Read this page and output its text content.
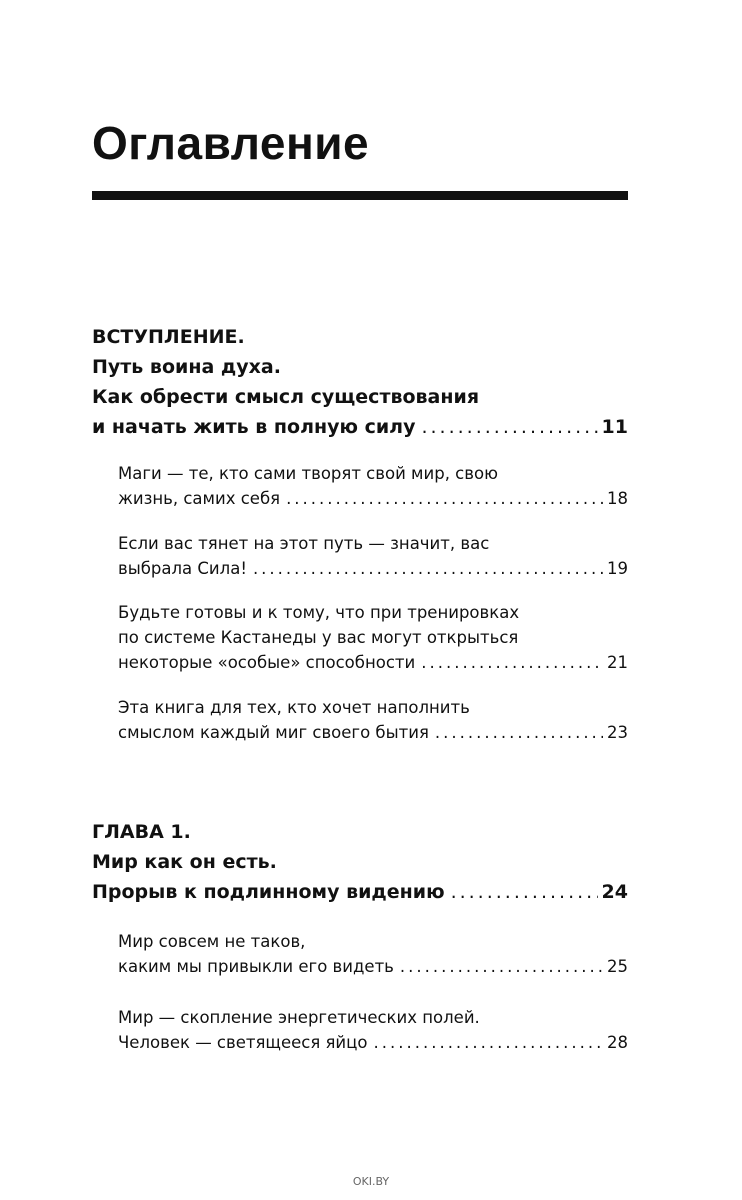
Оглавление
ВСТУПЛЕНИЕ.
Путь воина духа.
Как обрести смысл существования
и начать жить в полную силу .....	11
Маги — те, кто сами творят свой мир, свою
жизнь, самих себя .....	18
Если вас тянет на этот путь — значит, вас
выбрала Сила! .....	19
Будьте готовы и к тому, что при тренировках
по системе Кастанеды у вас могут открыться
некоторые «особые» способности .....	21
Эта книга для тех, кто хочет наполнить
смыслом каждый миг своего бытия .....	23
ГЛАВА 1.
Мир как он есть.
Прорыв к подлинному видению .....	24
Мир совсем не таков,
каким мы привыкли его видеть .....	25
Мир — скопление энергетических полей.
Человек — светящееся яйцо .....	28
OKI.BY
